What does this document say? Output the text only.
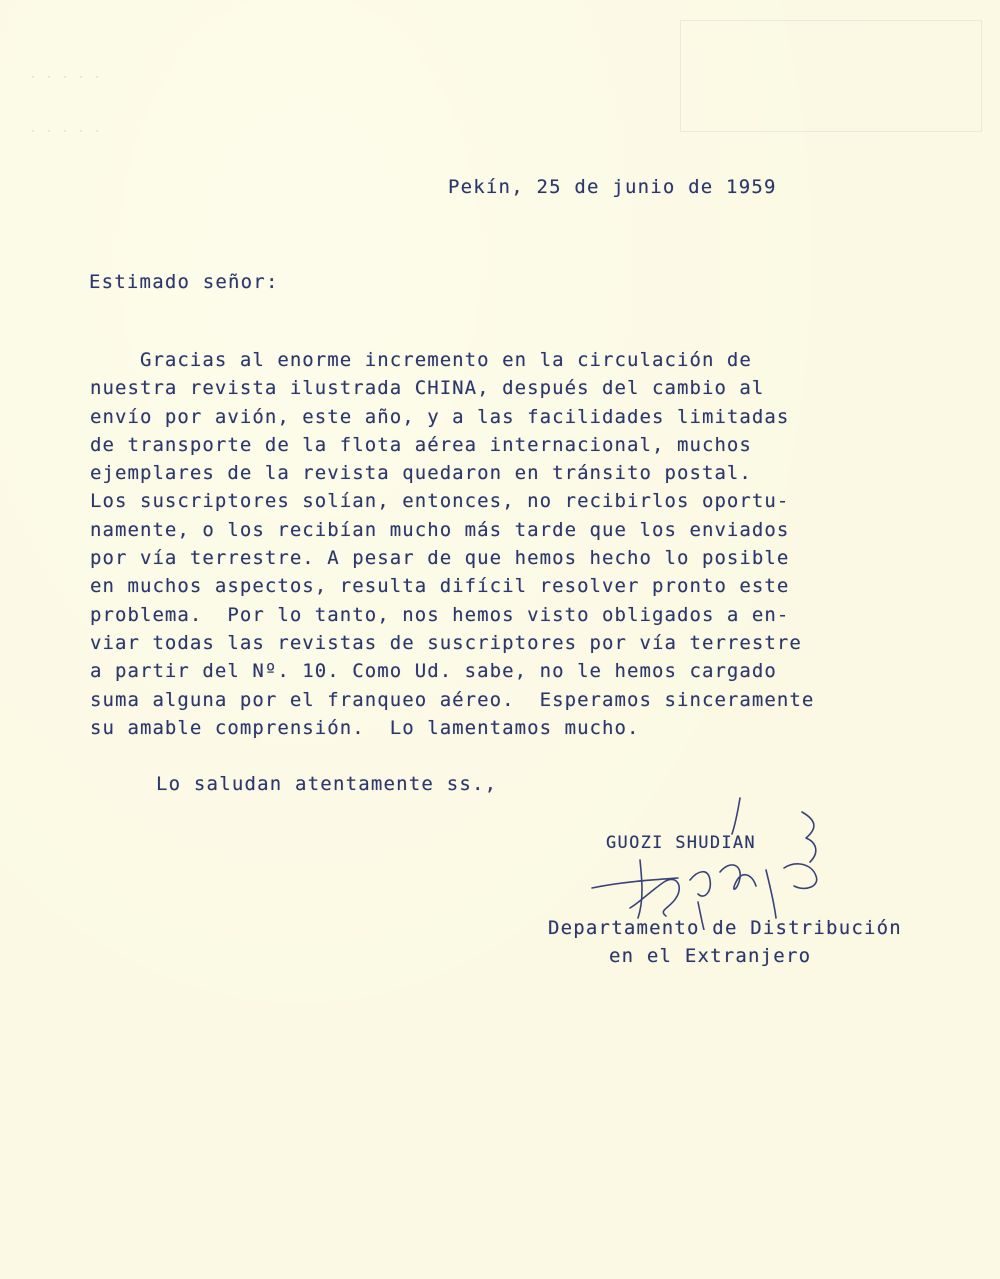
· · · · ·
· · · · ·
Pekín, 25 de junio de 1959
Estimado señor:
Gracias al enorme incremento en la circulación de
nuestra revista ilustrada CHINA, después del cambio al
envío por avión, este año, y a las facilidades limitadas
de transporte de la flota aérea internacional, muchos
ejemplares de la revista quedaron en tránsito postal.
Los suscriptores solían, entonces, no recibirlos oportu-
namente, o los recibían mucho más tarde que los enviados
por vía terrestre. A pesar de que hemos hecho lo posible
en muchos aspectos, resulta difícil resolver pronto este
problema.  Por lo tanto, nos hemos visto obligados a en-
viar todas las revistas de suscriptores por vía terrestre
a partir del Nº. 10. Como Ud. sabe, no le hemos cargado
suma alguna por el franqueo aéreo.  Esperamos sinceramente
su amable comprensión.  Lo lamentamos mucho.
Lo saludan atentamente ss.,
GUOZI SHUDIAN
Departamento de Distribución
en el Extranjero
